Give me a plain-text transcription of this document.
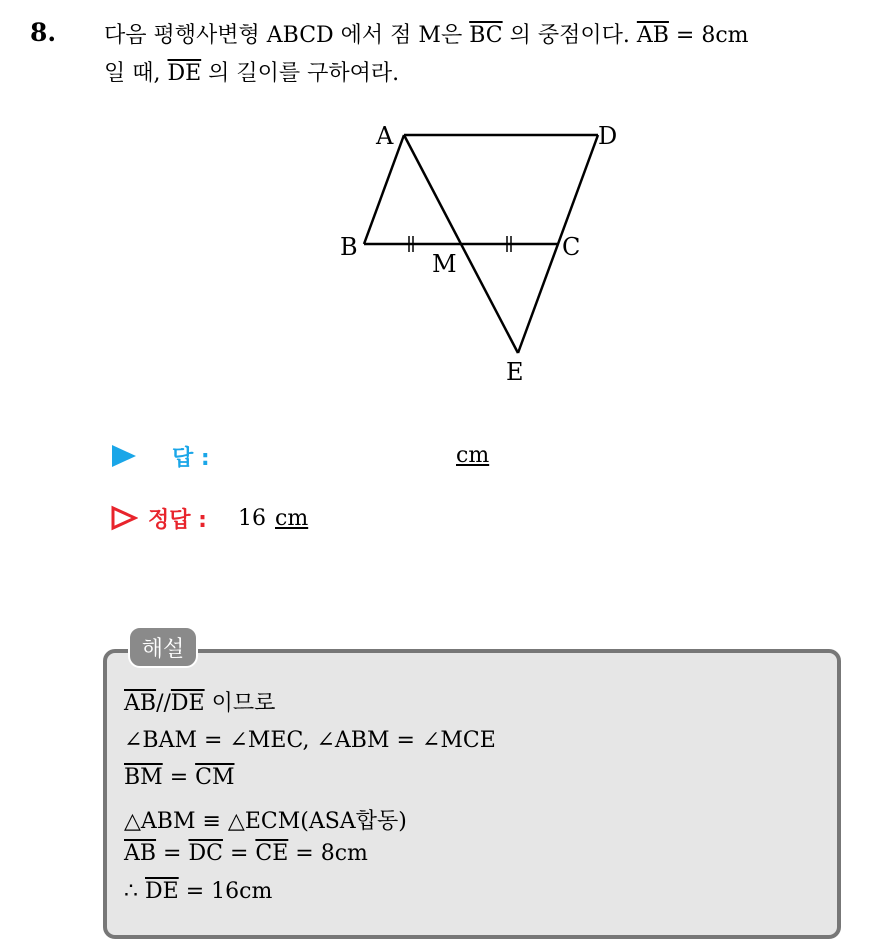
8. 다음 평행사변형 ABCD 에서 점 M은 $\overline{BC}$ 의 중점이다. $\overline{AB} = 8cm$
일 때, $\overline{DE}$ 의 길이를 구하여라.
A	D
B	C
M
E
답 :	cm
정답 : 16 cm
해설
$\overline{AB}//\overline{DE}$ 이므로
∠BAM = ∠MEC, ∠ABM = ∠MCE
$\overline{BM} = \overline{CM}$
△ABM ≡ △ECM(ASA합동)
$\overline{AB} = \overline{DC} = \overline{CE} = 8cm$
∴ $\overline{DE} = 16cm$
